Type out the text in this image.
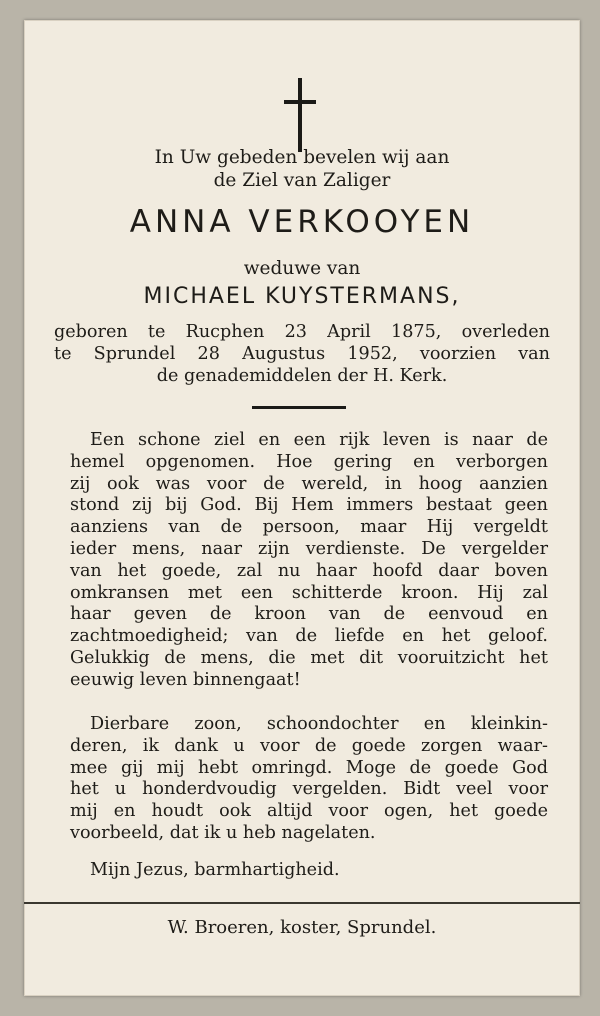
In Uw gebeden bevelen wij aan
de Ziel van Zaliger
ANNA VERKOOYEN
weduwe van
MICHAEL KUYSTERMANS,
geboren te Rucphen 23 April 1875, overleden
te Sprundel 28 Augustus 1952, voorzien van
de genademiddelen der H. Kerk.
Een schone ziel en een rijk leven is naar de
hemel opgenomen. Hoe gering en verborgen
zij ook was voor de wereld, in hoog aanzien
stond zij bij God. Bij Hem immers bestaat geen
aanziens van de persoon, maar Hij vergeldt
ieder mens, naar zijn verdienste. De vergelder
van het goede, zal nu haar hoofd daar boven
omkransen met een schitterde kroon. Hij zal
haar geven de kroon van de eenvoud en
zachtmoedigheid; van de liefde en het geloof.
Gelukkig de mens, die met dit vooruitzicht het
eeuwig leven binnengaat!
Dierbare zoon, schoondochter en kleinkin-
deren, ik dank u voor de goede zorgen waar-
mee gij mij hebt omringd. Moge de goede God
het u honderdvoudig vergelden. Bidt veel voor
mij en houdt ook altijd voor ogen, het goede
voorbeeld, dat ik u heb nagelaten.
Mijn Jezus, barmhartigheid.
W. Broeren, koster, Sprundel.
